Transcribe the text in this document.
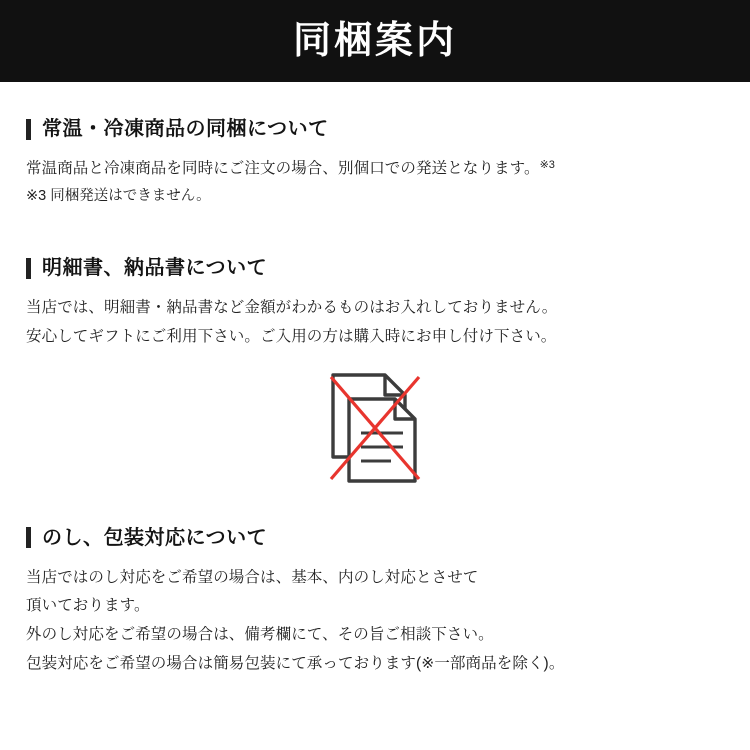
同梱案内
常温・冷凍商品の同梱について
常温商品と冷凍商品を同時にご注文の場合、別個口での発送となります。$^{※3}$
※3 同梱発送はできません。
明細書、納品書について
当店では、明細書・納品書など金額がわかるものはお入れしておりません。
安心してギフトにご利用下さい。ご入用の方は購入時にお申し付け下さい。
のし、包装対応について
当店ではのし対応をご希望の場合は、基本、内のし対応とさせて
頂いております。
外のし対応をご希望の場合は、備考欄にて、その旨ご相談下さい。
包装対応をご希望の場合は簡易包装にて承っております(※一部商品を除く)。
